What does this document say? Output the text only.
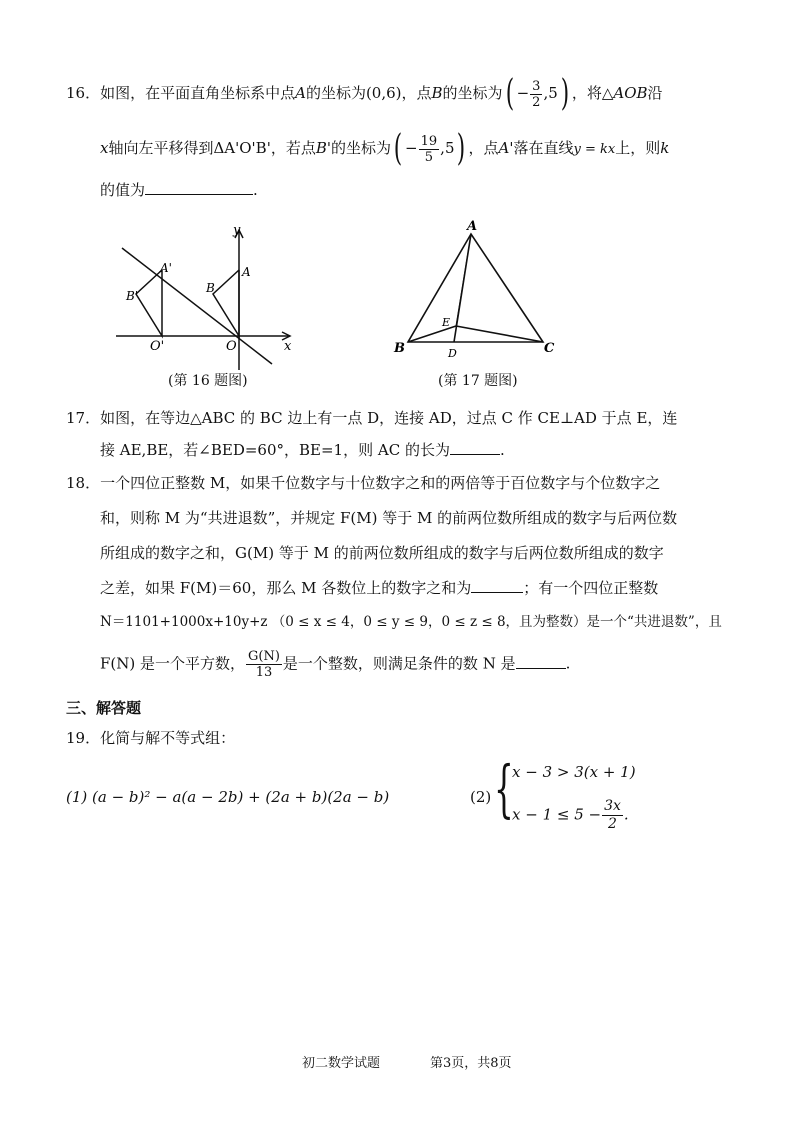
16．如图，在平面直角坐标系中点A的坐标为(0,6)，点B的坐标为( − $\frac{3}{2} ,5$) ，将△AOB沿
x轴向左平移得到ΔA'O'B'，若点B'的坐标为( − $\frac{19}{5} ,5$) ，点A'落在直线y = kx上，则k
的值为	.
y
x
O
O'
A
A'
B
B'
(第 16 题图)
A
B	C
D
E
(第 17 题图)
17．如图，在等边△ABC 的 BC 边上有一点 D，连接 AD，过点 C 作 CE⊥AD 于点 E，连
接 AE,BE，若∠BED=60°，BE=1，则 AC 的长为	.
18．一个四位正整数 M，如果千位数字与十位数字之和的两倍等于百位数字与个位数字之
和，则称 M 为“共进退数”，并规定 F(M) 等于 M 的前两位数所组成的数字与后两位数
所组成的数字之和，G(M) 等于 M 的前两位数所组成的数字与后两位数所组成的数字
之差，如果 F(M)＝60，那么 M 各数位上的数字之和为	；有一个四位正整数
N＝1101+1000x+10y+z （0 ≤ x ≤ 4，0 ≤ y ≤ 9，0 ≤ z ≤ 8，且为整数）是一个“共进退数”，且
F(N) 是一个平方数， $\frac{G(N)}{13}$ 是一个整数，则满足条件的数 N 是	.
三、解答题
19．化简与解不等式组：
(1) (a − b)² − a(a − 2b) + (2a + b)(2a − b)	(2) {
x − 3 > 3(x + 1)
$x - 1 \le 5 - \frac{3x}{2}$ .
初二数学试题	第3页，共8页
